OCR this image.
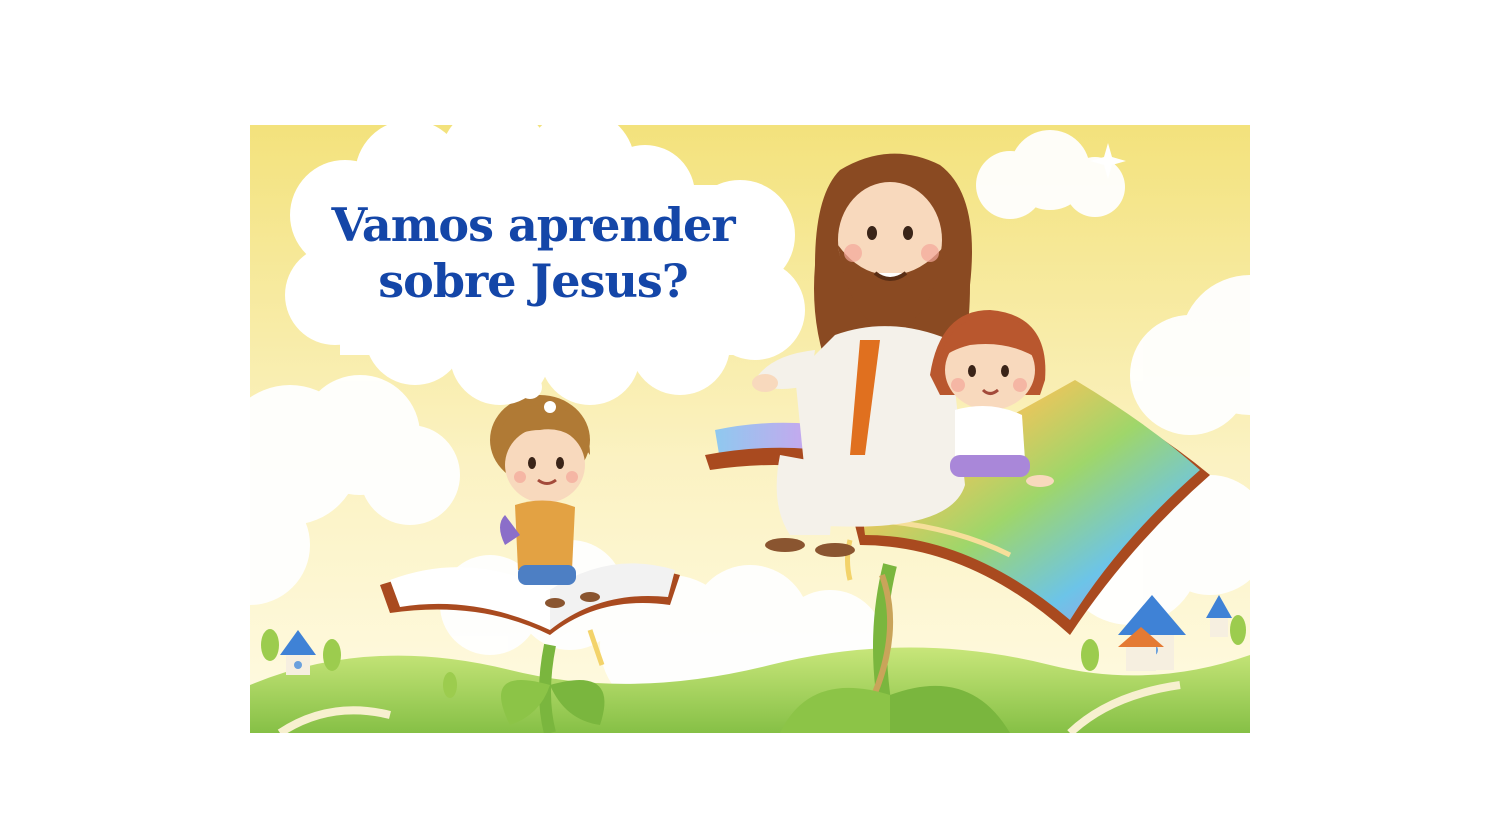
Vamos aprender
sobre Jesus?
